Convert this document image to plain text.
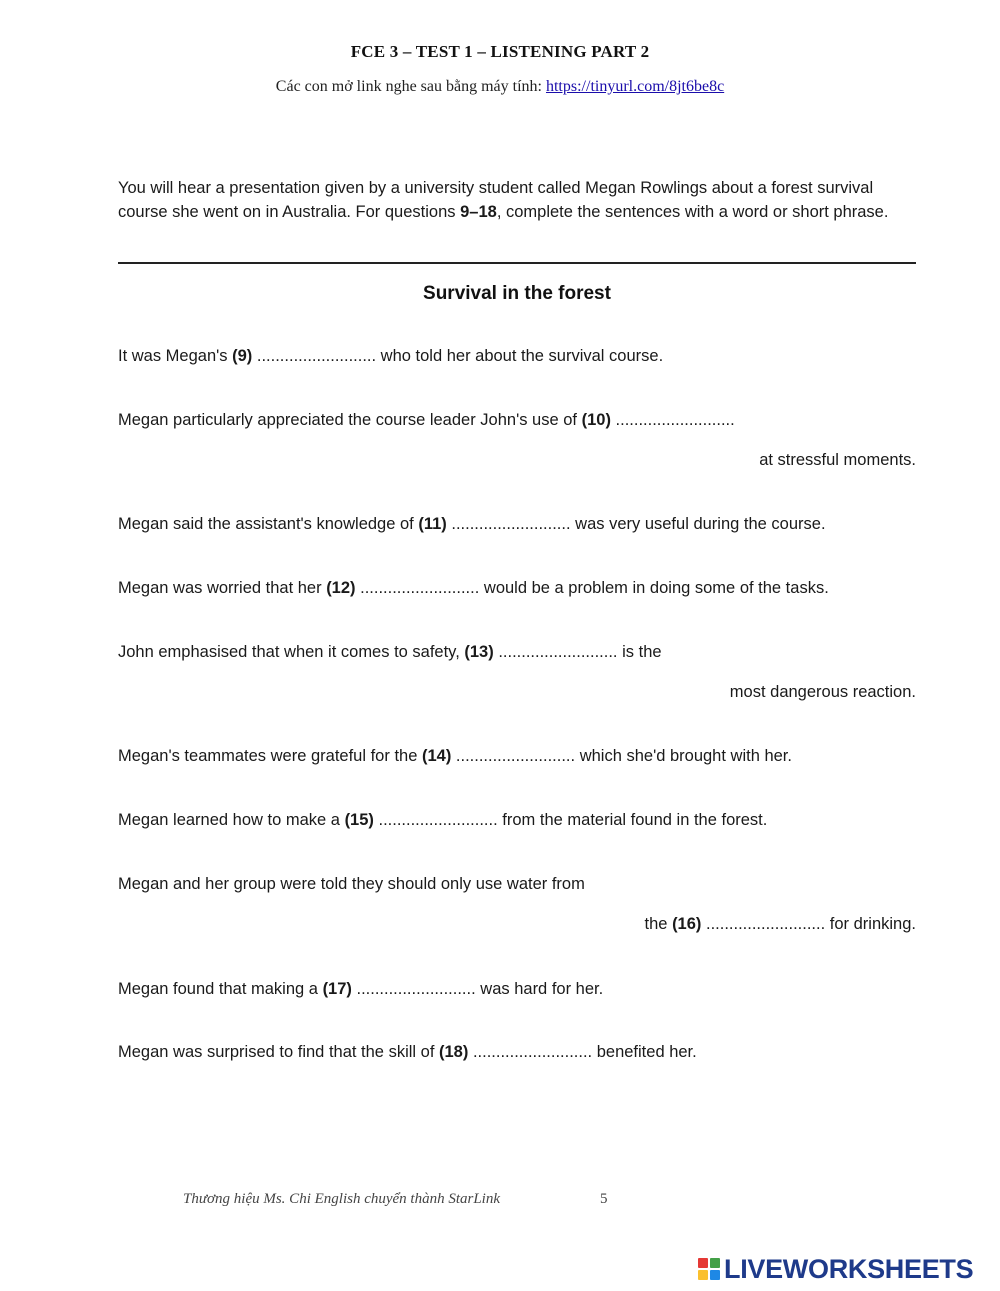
FCE 3 – TEST 1 – LISTENING PART 2
Các con mở link nghe sau bằng máy tính: https://tinyurl.com/8jt6be8c
You will hear a presentation given by a university student called Megan Rowlings about a forest survival course she went on in Australia. For questions 9–18, complete the sentences with a word or short phrase.
Survival in the forest
It was Megan's (9) .......................... who told her about the survival course.
Megan particularly appreciated the course leader John's use of (10) ..........................
at stressful moments.
Megan said the assistant's knowledge of (11) .......................... was very useful during the course.
Megan was worried that her (12) .......................... would be a problem in doing some of the tasks.
John emphasised that when it comes to safety, (13) .......................... is the
most dangerous reaction.
Megan's teammates were grateful for the (14) .......................... which she'd brought with her.
Megan learned how to make a (15) .......................... from the material found in the forest.
Megan and her group were told they should only use water from
the (16) .......................... for drinking.
Megan found that making a (17) .......................... was hard for her.
Megan was surprised to find that the skill of (18) .......................... benefited her.
Thương hiệu Ms. Chi English chuyển thành StarLink	5
LIVEWORKSHEETS
